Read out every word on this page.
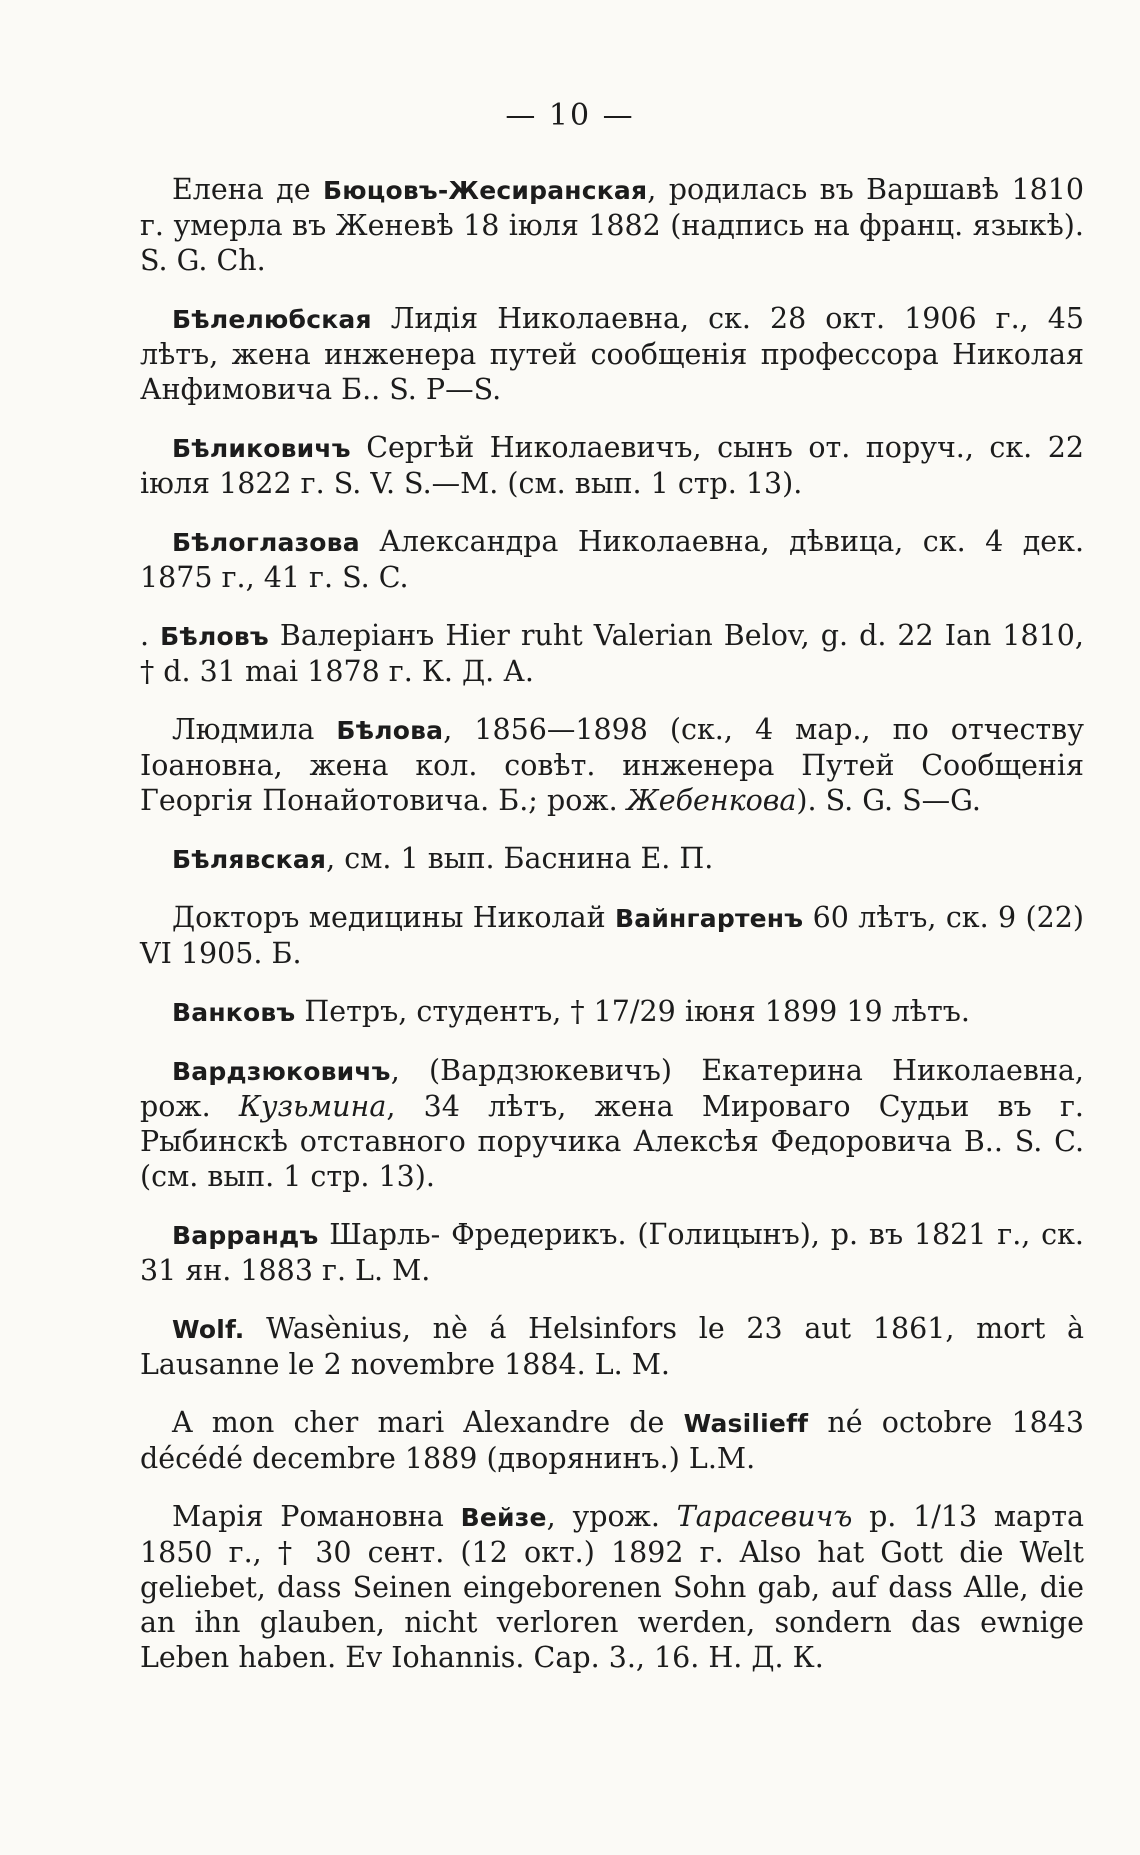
— 10 —

Елена де Бюцовъ-Жесиранская, родилась въ Варшавѣ 1810 г. умерла въ Женевѣ 18 іюля 1882 (надпись на франц. языкѣ). S. G. Ch.

Бѣлелюбская Лидія Николаевна, ск. 28 окт. 1906 г., 45 лѣтъ, жена инженера путей сообщенія профессора Николая Анфимовича Б.. S. P—S.

Бѣликовичъ Сергѣй Николаевичъ, сынъ от. поруч., ск. 22 іюля 1822 г. S. V. S.—M. (см. вып. 1 стр. 13).

Бѣлоглазова Александра Николаевна, дѣвица, ск. 4 дек. 1875 г., 41 г. S. C.

. Бѣловъ Валеріанъ Hier ruht Valerian Belov, g. d. 22 Ian 1810, † d. 31 mai 1878 г. К. Д. А.

Людмила Бѣлова, 1856—1898 (ск., 4 мар., по отчеству Іоановна, жена кол. совѣт. инженера Путей Сообщенія Георгія Понайотовича. Б.; рож. Жебенкова). S. G. S—G.

Бѣлявская, см. 1 вып. Баснина Е. П.

Докторъ медицины Николай Вайнгартенъ 60 лѣтъ, ск. 9 (22) VI 1905. Б.

Ванковъ Петръ, студентъ, † 17/29 іюня 1899 19 лѣтъ.

Вардзюковичъ, (Вардзюкевичъ) Екатерина Николаевна, рож. Кузьмина, 34 лѣтъ, жена Мироваго Судьи въ г. Рыбинскѣ отставного поручика Алексѣя Федоровича В.. S. C. (см. вып. 1 стр. 13).

Варрандъ Шарль- Фредерикъ. (Голицынъ), р. въ 1821 г., ск. 31 ян. 1883 г. L. M.

Wolf. Wasènius, nè á Helsinfors le 23 aut 1861, mort à Lausanne le 2 novembre 1884. L. M.

A mon cher mari Alexandre de Wasilieff né octobre 1843 décédé decembre 1889 (дворянинъ.) L.M.

Марія Романовна Вейзе, урож. Тарасевичъ р. 1/13 марта 1850 г., † 30 сент. (12 окт.) 1892 г. Also hat Gott die Welt geliebet, dass Seinen eingeborenen Sohn gab, auf dass Alle, die an ihn glauben, nicht verloren werden, sondern das ewnige Leben haben. Ev Iohannis. Cap. 3., 16. Н. Д. К.
